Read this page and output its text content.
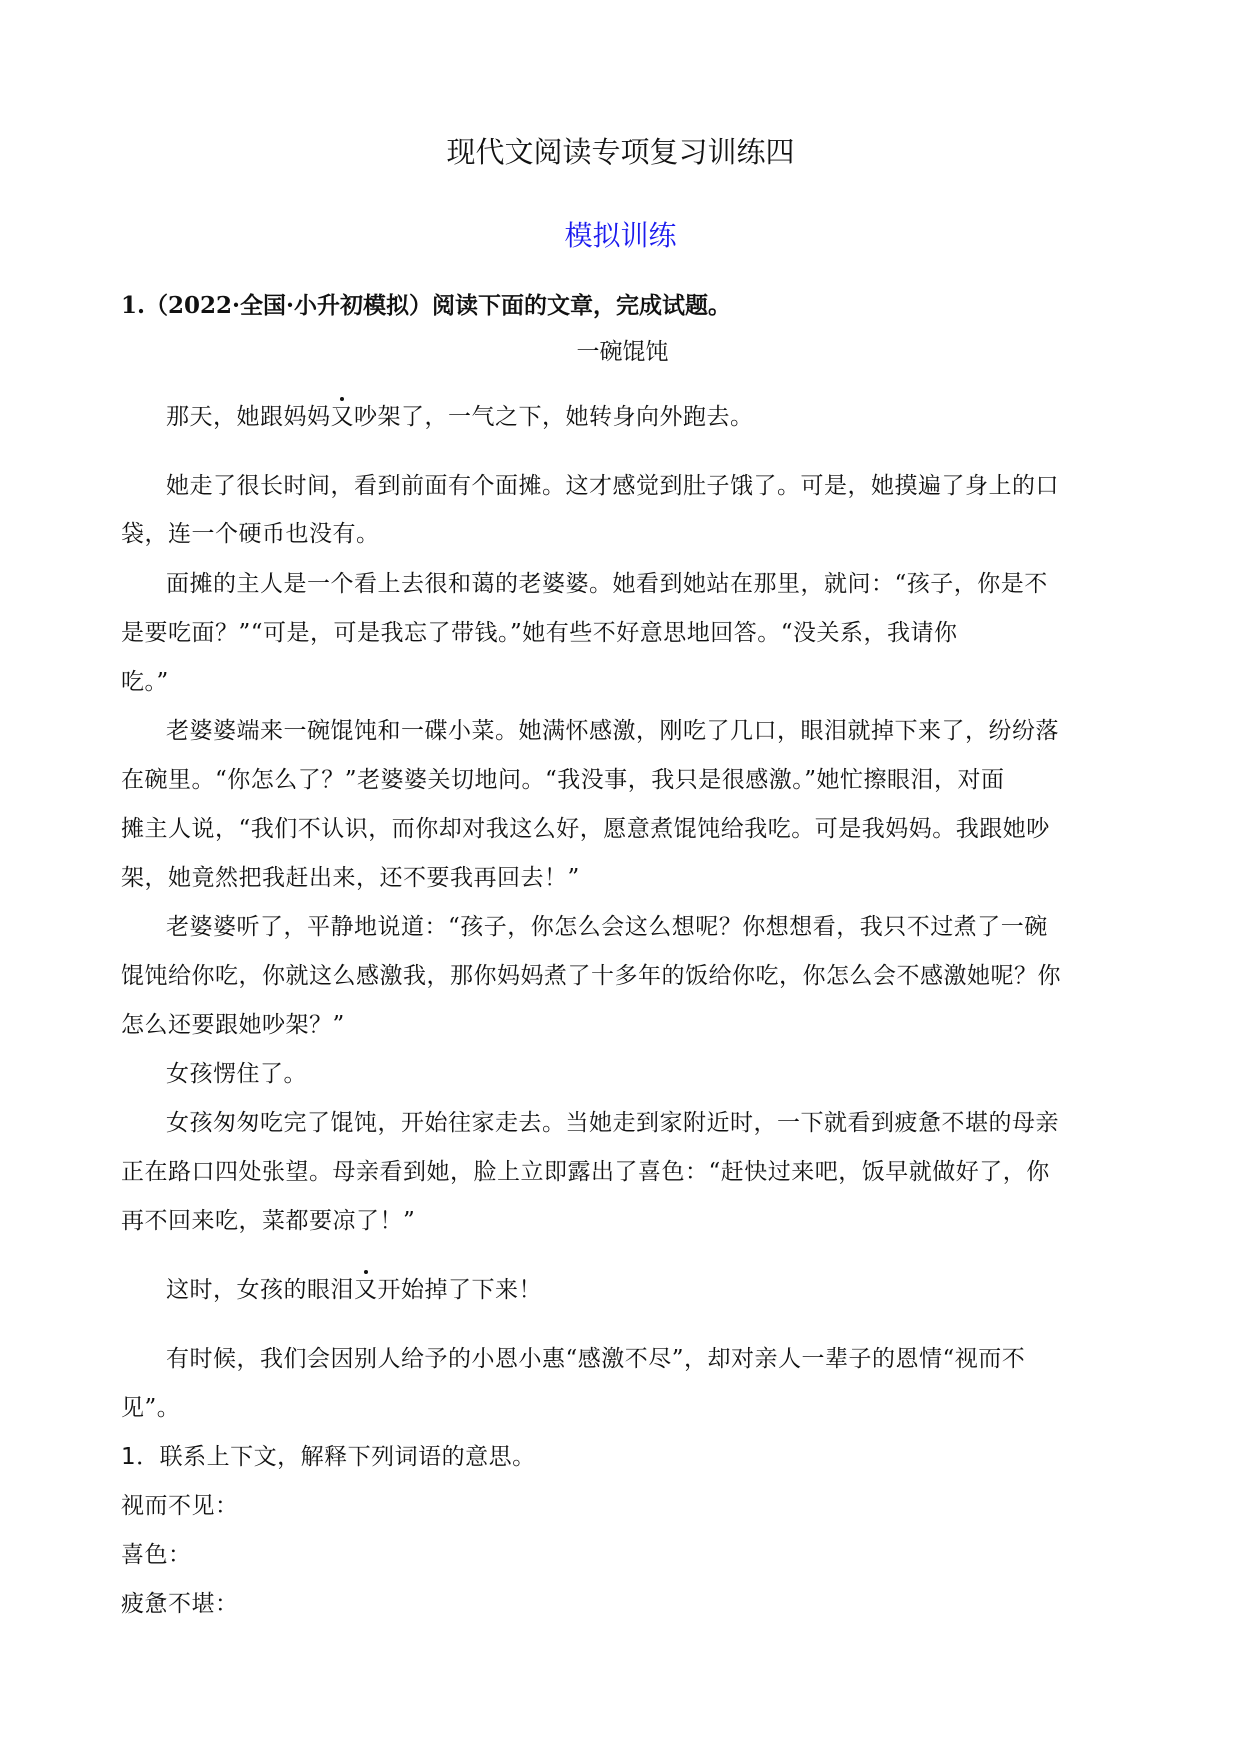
现代文阅读专项复习训练四
模拟训练
1.（2022·全国·小升初模拟）阅读下面的文章，完成试题。
一碗馄饨
那天，她跟妈妈又吵架了，一气之下，她转身向外跑去。
她走了很长时间，看到前面有个面摊。这才感觉到肚子饿了。可是，她摸遍了身上的口
袋，连一个硬币也没有。
面摊的主人是一个看上去很和蔼的老婆婆。她看到她站在那里，就问：“孩子，你是不
是要吃面？”“可是，可是我忘了带钱。”她有些不好意思地回答。“没关系，我请你
吃。”
老婆婆端来一碗馄饨和一碟小菜。她满怀感激，刚吃了几口，眼泪就掉下来了，纷纷落
在碗里。“你怎么了？”老婆婆关切地问。“我没事，我只是很感激。”她忙擦眼泪，对面
摊主人说，“我们不认识，而你却对我这么好，愿意煮馄饨给我吃。可是我妈妈。我跟她吵
架，她竟然把我赶出来，还不要我再回去！”
老婆婆听了，平静地说道：“孩子，你怎么会这么想呢？你想想看，我只不过煮了一碗
馄饨给你吃，你就这么感激我，那你妈妈煮了十多年的饭给你吃，你怎么会不感激她呢？你
怎么还要跟她吵架？”
女孩愣住了。
女孩匆匆吃完了馄饨，开始往家走去。当她走到家附近时，一下就看到疲惫不堪的母亲
正在路口四处张望。母亲看到她，脸上立即露出了喜色：“赶快过来吧，饭早就做好了，你
再不回来吃，菜都要凉了！”
这时，女孩的眼泪又开始掉了下来！
有时候，我们会因别人给予的小恩小惠“感激不尽”，却对亲人一辈子的恩情“视而不
见”。
1．联系上下文，解释下列词语的意思。
视而不见：
喜色：
疲惫不堪：
